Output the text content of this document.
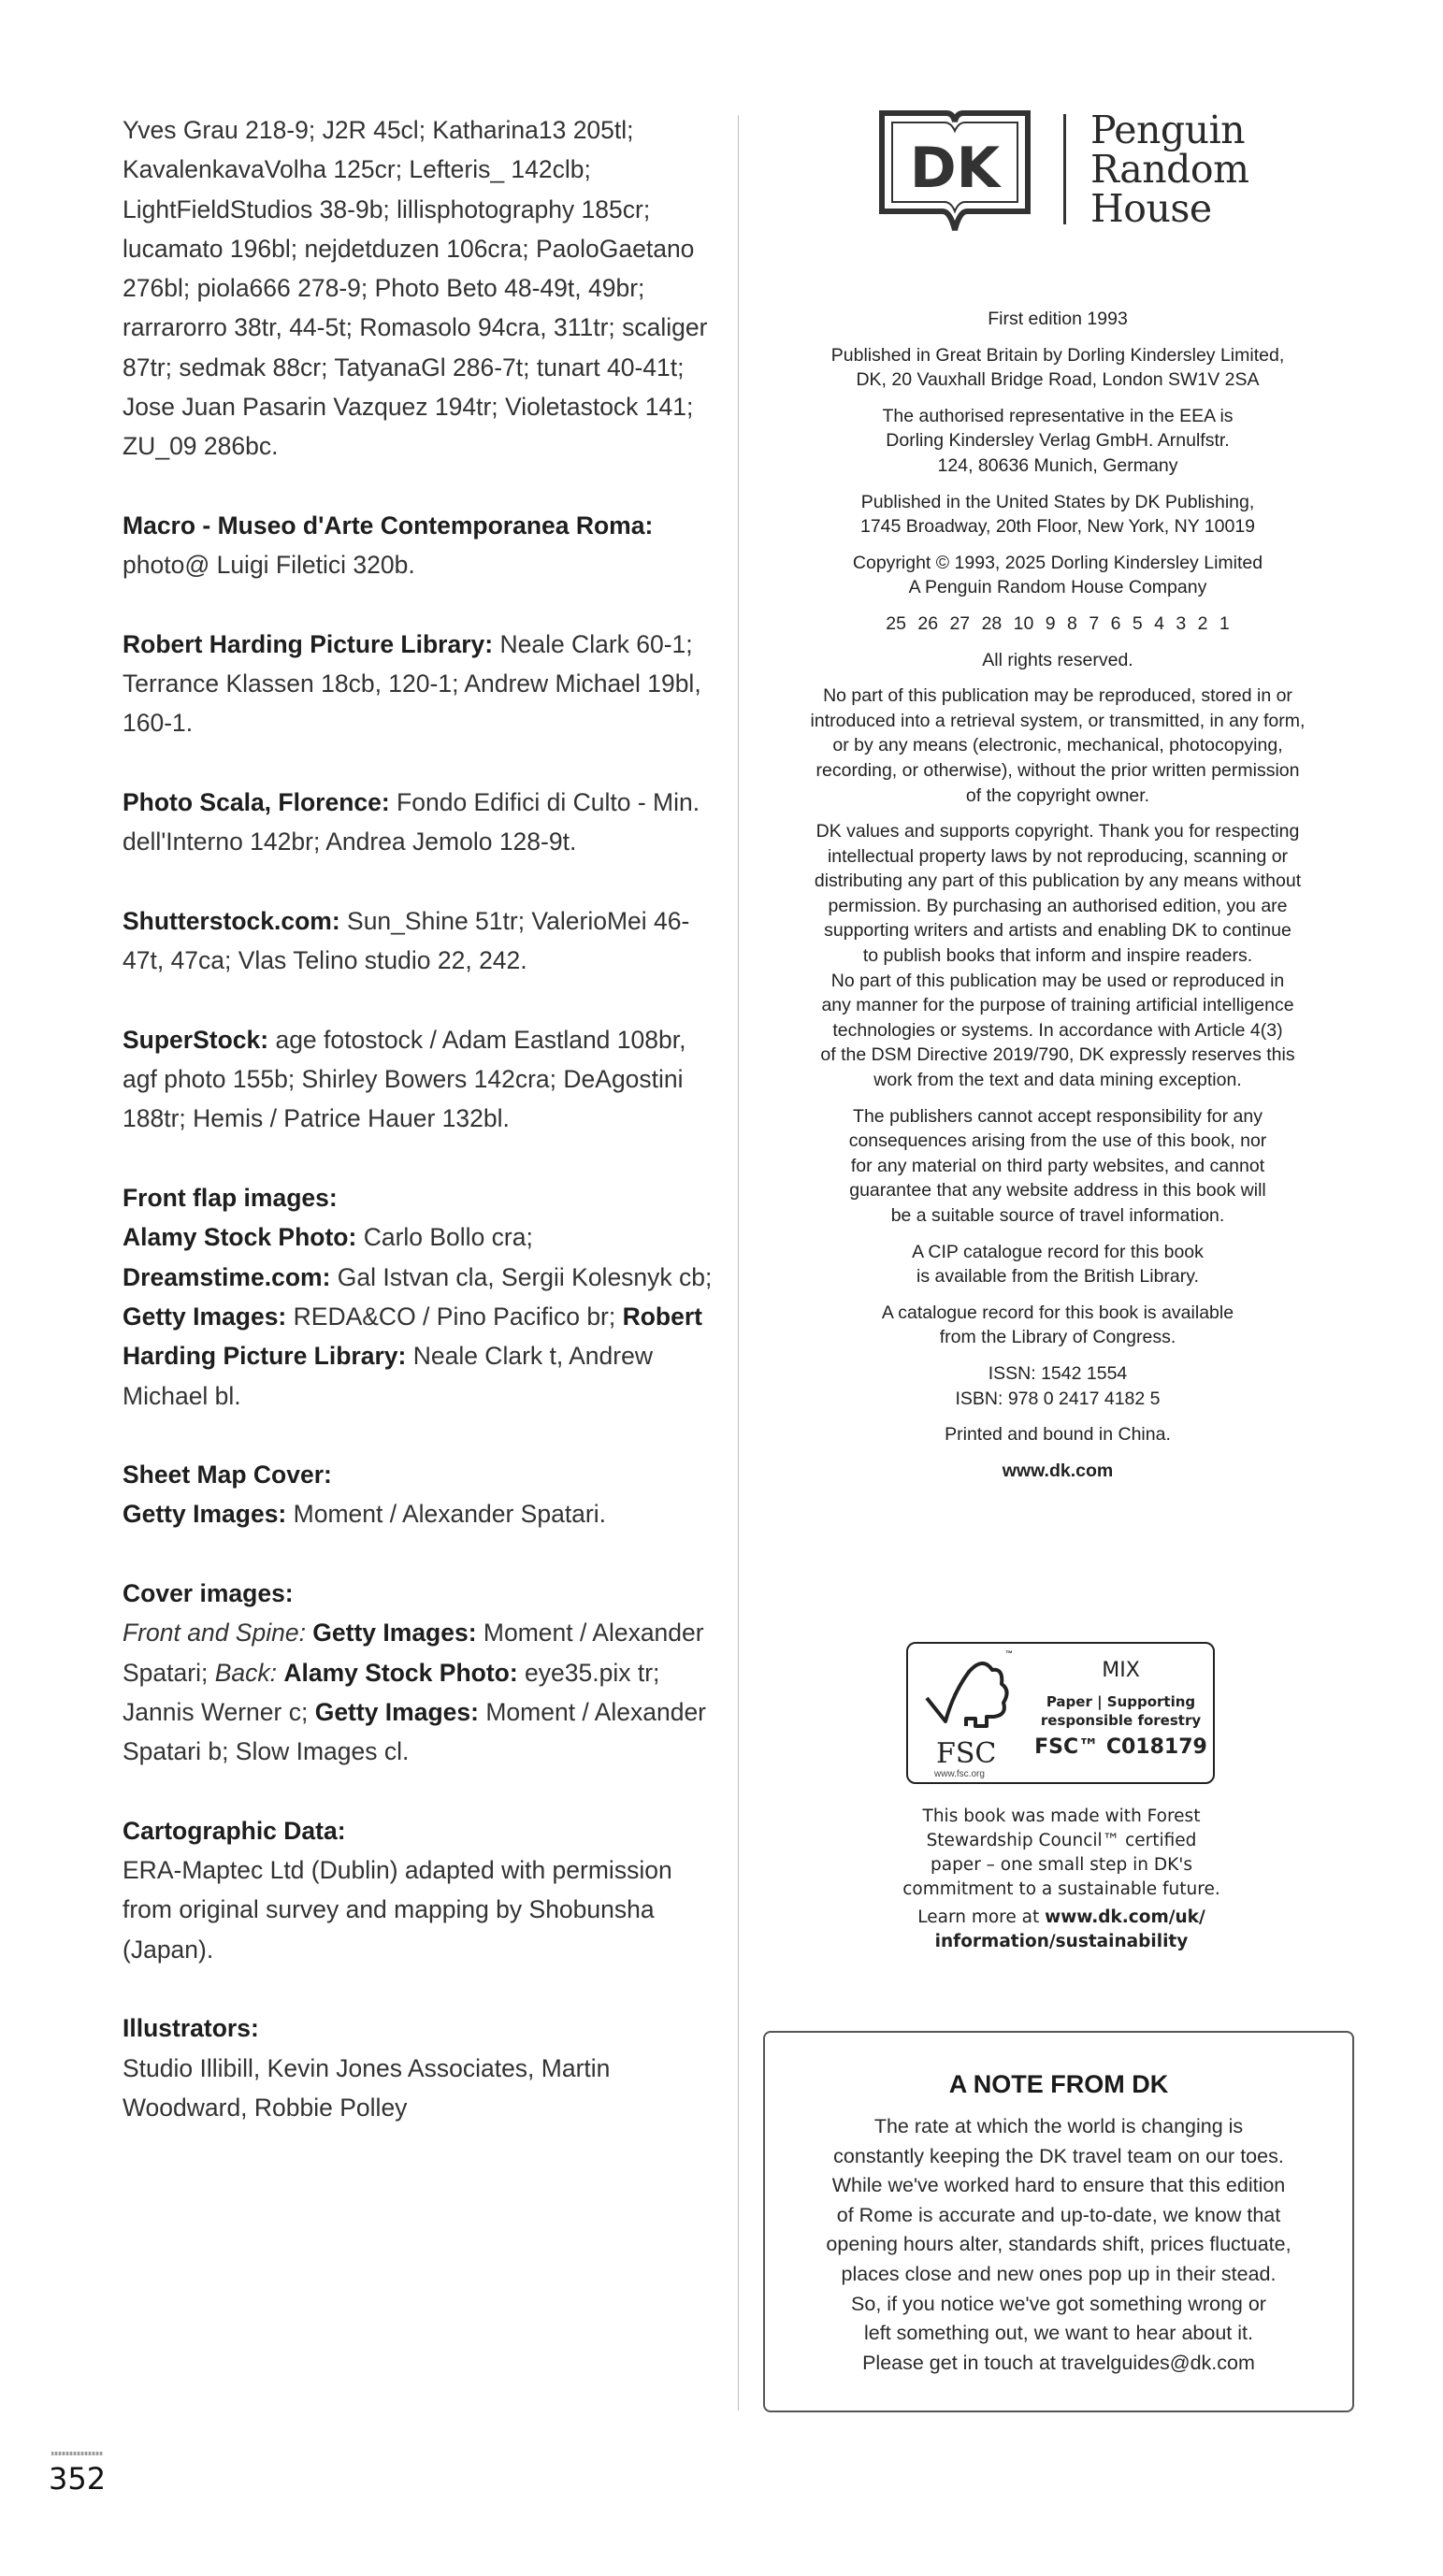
Yves Grau 218-9; J2R 45cl; Katharina13 205tl; KavalenkavaVolha 125cr; Lefteris_ 142clb; LightFieldStudios 38-9b; lillisphotography 185cr; lucamato 196bl; nejdetduzen 106cra; PaoloGaetano 276bl; piola666 278-9; Photo Beto 48-49t, 49br; rarrarorro 38tr, 44-5t; Romasolo 94cra, 311tr; scaliger 87tr; sedmak 88cr; TatyanaGl 286-7t; tunart 40-41t; Jose Juan Pasarin Vazquez 194tr; Violetastock 141; ZU_09 286bc.
Macro - Museo d'Arte Contemporanea Roma: photo@ Luigi Filetici 320b.
Robert Harding Picture Library: Neale Clark 60-1; Terrance Klassen 18cb, 120-1; Andrew Michael 19bl, 160-1.
Photo Scala, Florence: Fondo Edifici di Culto - Min. dell'Interno 142br; Andrea Jemolo 128-9t.
Shutterstock.com: Sun_Shine 51tr; ValerioMei 46-47t, 47ca; Vlas Telino studio 22, 242.
SuperStock: age fotostock / Adam Eastland 108br, agf photo 155b; Shirley Bowers 142cra; DeAgostini 188tr; Hemis / Patrice Hauer 132bl.
Front flap images:
Alamy Stock Photo: Carlo Bollo cra; Dreamstime.com: Gal Istvan cla, Sergii Kolesnyk cb; Getty Images: REDA&CO / Pino Pacifico br; Robert Harding Picture Library: Neale Clark t, Andrew Michael bl.
Sheet Map Cover:
Getty Images: Moment / Alexander Spatari.
Cover images:
Front and Spine: Getty Images: Moment / Alexander Spatari; Back: Alamy Stock Photo: eye35.pix tr; Jannis Werner c; Getty Images: Moment / Alexander Spatari b; Slow Images cl.
Cartographic Data:
ERA-Maptec Ltd (Dublin) adapted with permission from original survey and mapping by Shobunsha (Japan).
Illustrators:
Studio Illibill, Kevin Jones Associates, Martin Woodward, Robbie Polley
DK
Penguin
Random
House
First edition 1993
Published in Great Britain by Dorling Kindersley Limited,
DK, 20 Vauxhall Bridge Road, London SW1V 2SA
The authorised representative in the EEA is
Dorling Kindersley Verlag GmbH. Arnulfstr.
124, 80636 Munich, Germany
Published in the United States by DK Publishing,
1745 Broadway, 20th Floor, New York, NY 10019
Copyright © 1993, 2025 Dorling Kindersley Limited
A Penguin Random House Company
25 26 27 28 10 9 8 7 6 5 4 3 2 1
All rights reserved.
No part of this publication may be reproduced, stored in or
introduced into a retrieval system, or transmitted, in any form,
or by any means (electronic, mechanical, photocopying,
recording, or otherwise), without the prior written permission
of the copyright owner.
DK values and supports copyright. Thank you for respecting
intellectual property laws by not reproducing, scanning or
distributing any part of this publication by any means without
permission. By purchasing an authorised edition, you are
supporting writers and artists and enabling DK to continue
to publish books that inform and inspire readers.
No part of this publication may be used or reproduced in
any manner for the purpose of training artificial intelligence
technologies or systems. In accordance with Article 4(3)
of the DSM Directive 2019/790, DK expressly reserves this
work from the text and data mining exception.
The publishers cannot accept responsibility for any
consequences arising from the use of this book, nor
for any material on third party websites, and cannot
guarantee that any website address in this book will
be a suitable source of travel information.
A CIP catalogue record for this book
is available from the British Library.
A catalogue record for this book is available
from the Library of Congress.
ISSN: 1542 1554
ISBN: 978 0 2417 4182 5
Printed and bound in China.
www.dk.com
™
FSC
www.fsc.org
MIX
Paper | Supporting
responsible forestry
FSC™ C018179
This book was made with Forest
Stewardship Council™ certified
paper – one small step in DK's
commitment to a sustainable future.
Learn more at www.dk.com/uk/
information/sustainability
A NOTE FROM DK
The rate at which the world is changing is
constantly keeping the DK travel team on our toes.
While we've worked hard to ensure that this edition
of Rome is accurate and up-to-date, we know that
opening hours alter, standards shift, prices fluctuate,
places close and new ones pop up in their stead.
So, if you notice we've got something wrong or
left something out, we want to hear about it.
Please get in touch at travelguides@dk.com
352
